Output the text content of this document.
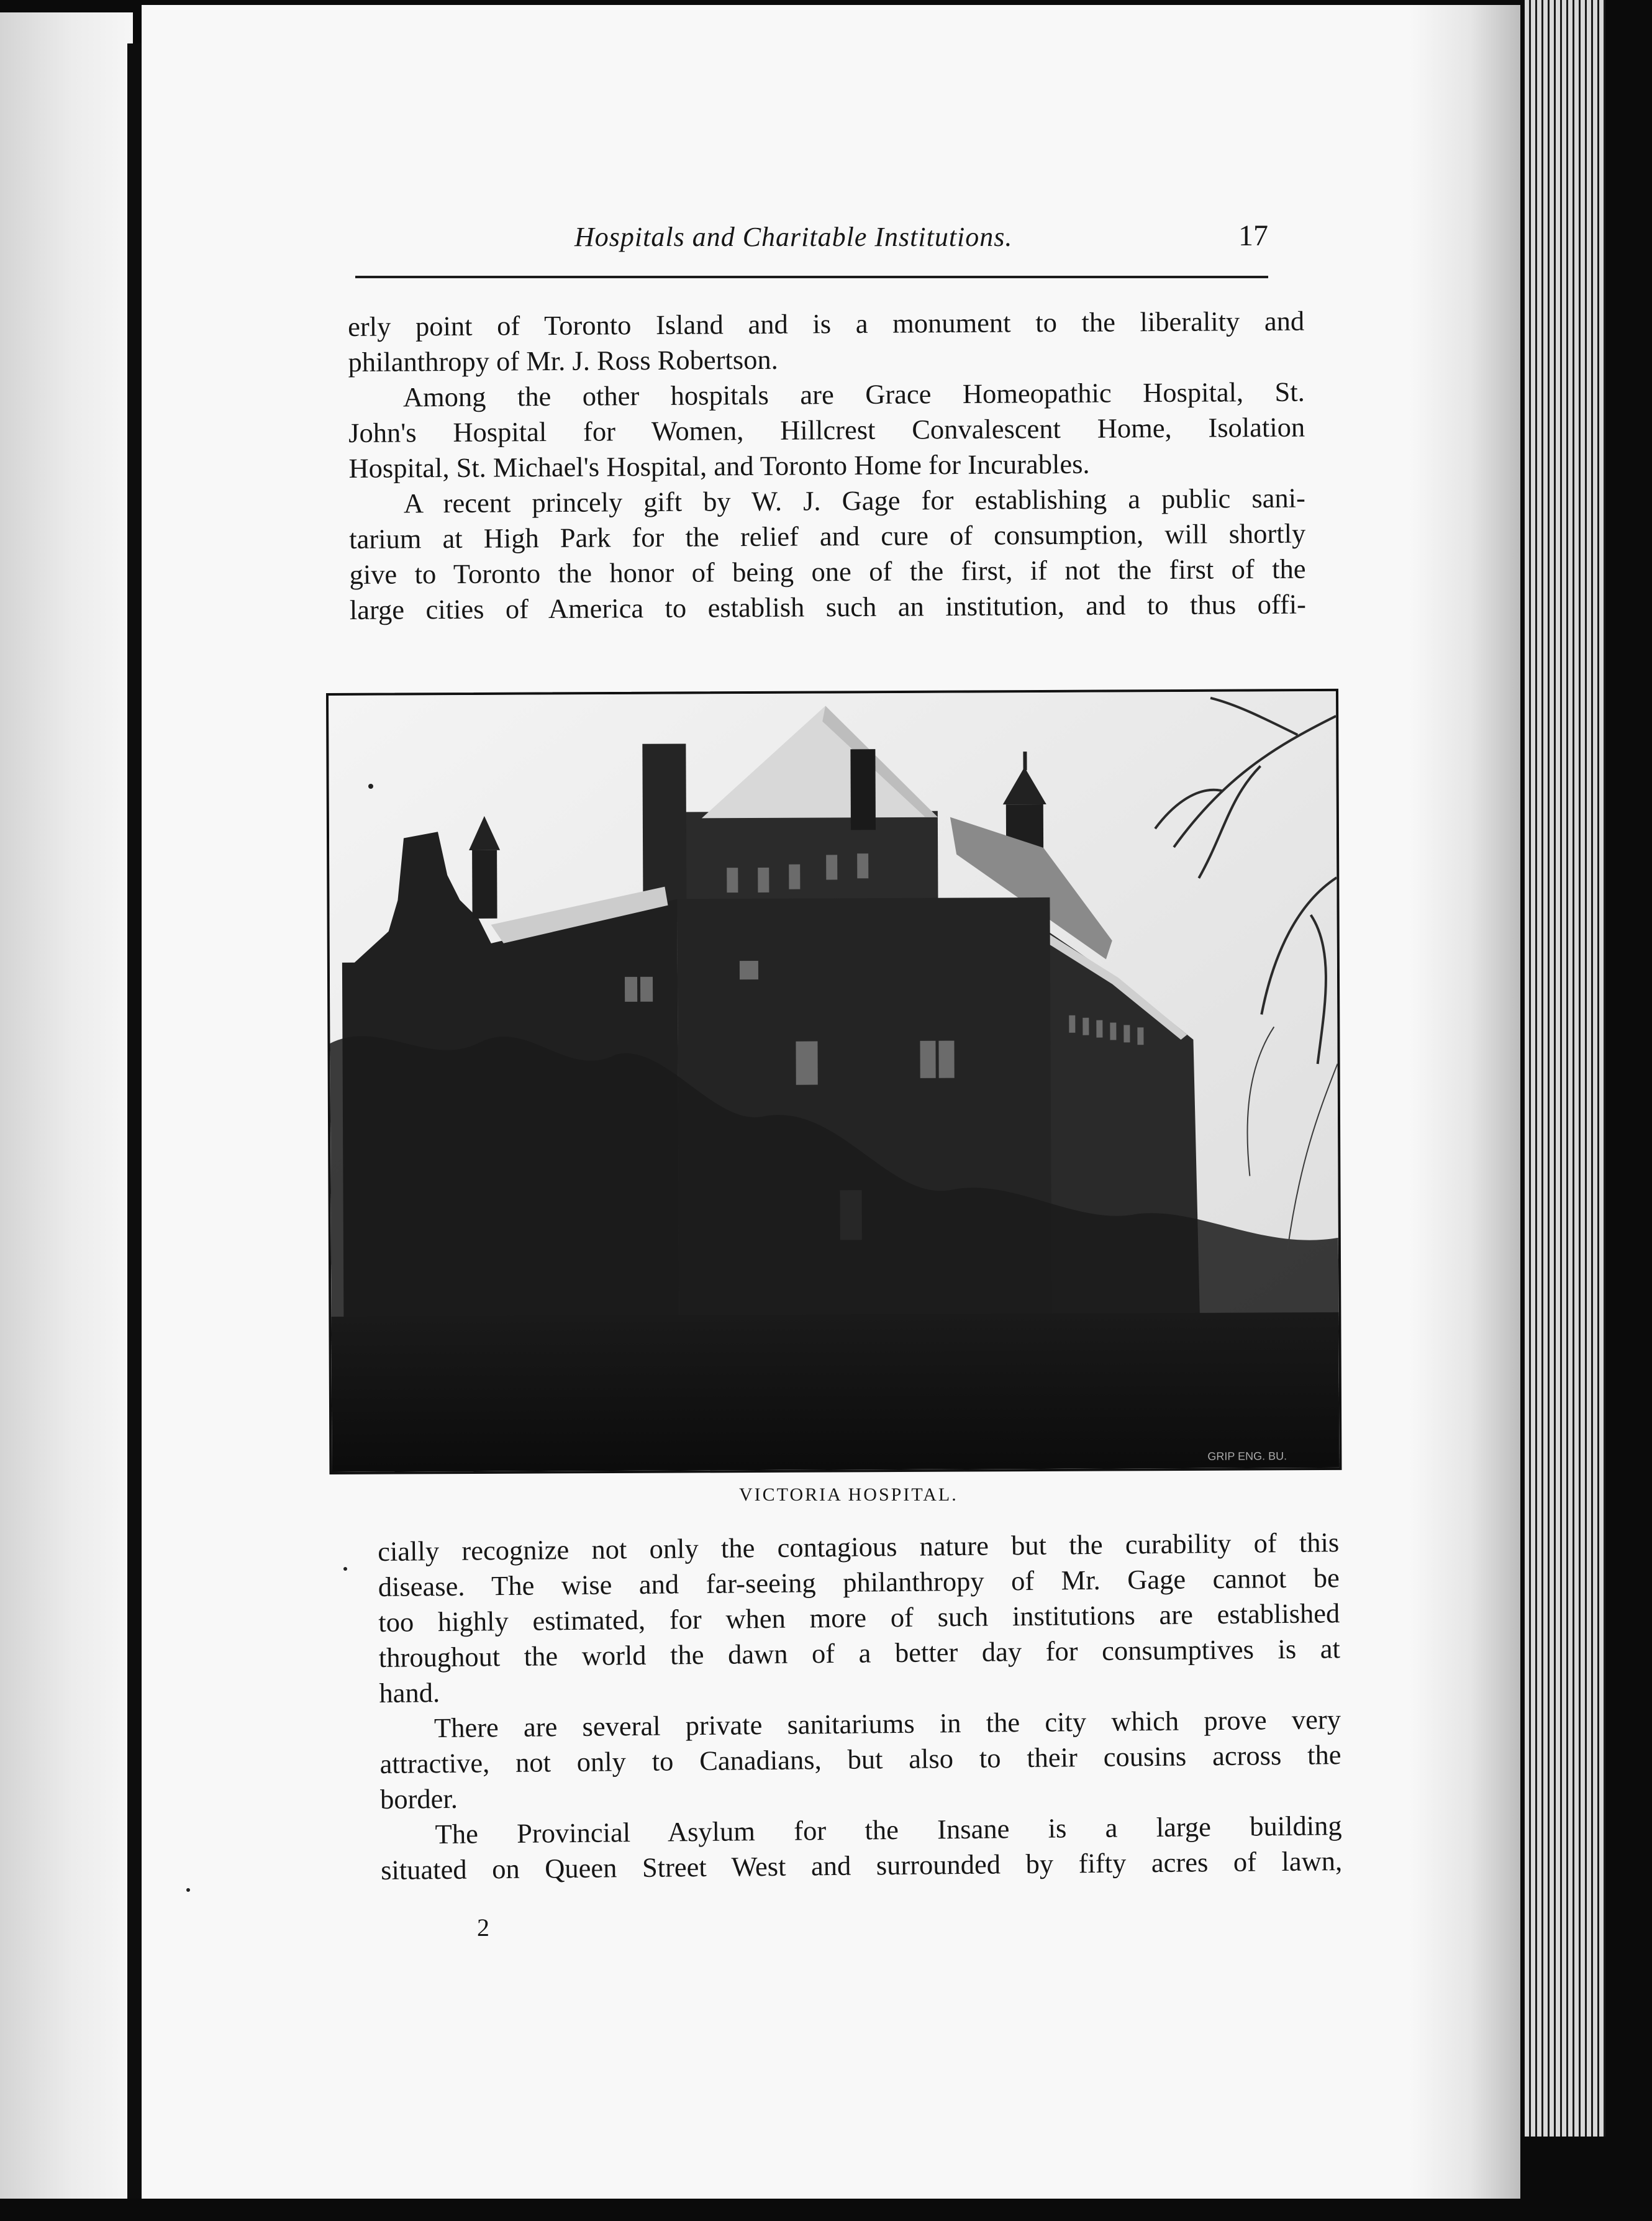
Hospitals and Charitable Institutions.	17
erly point of Toronto Island and is a monument to the liberality and
philanthropy of Mr. J. Ross Robertson.
Among the other hospitals are Grace Homeopathic Hospital, St.
John's Hospital for Women, Hillcrest Convalescent Home, Isolation
Hospital, St. Michael's Hospital, and Toronto Home for Incurables.
A recent princely gift by W. J. Gage for establishing a public sani-
tarium at High Park for the relief and cure of consumption, will shortly
give to Toronto the honor of being one of the first, if not the first of the
large cities of America to establish such an institution, and to thus offi-
GRIP ENG. BU.
VICTORIA HOSPITAL.
cially recognize not only the contagious nature but the curability of this
disease. The wise and far-seeing philanthropy of Mr. Gage cannot be
too highly estimated, for when more of such institutions are established
throughout the world the dawn of a better day for consumptives is at
hand.
There are several private sanitariums in the city which prove very
attractive, not only to Canadians, but also to their cousins across the
border.
The Provincial Asylum for the Insane is a large building
situated on Queen Street West and surrounded by fifty acres of lawn,
2
